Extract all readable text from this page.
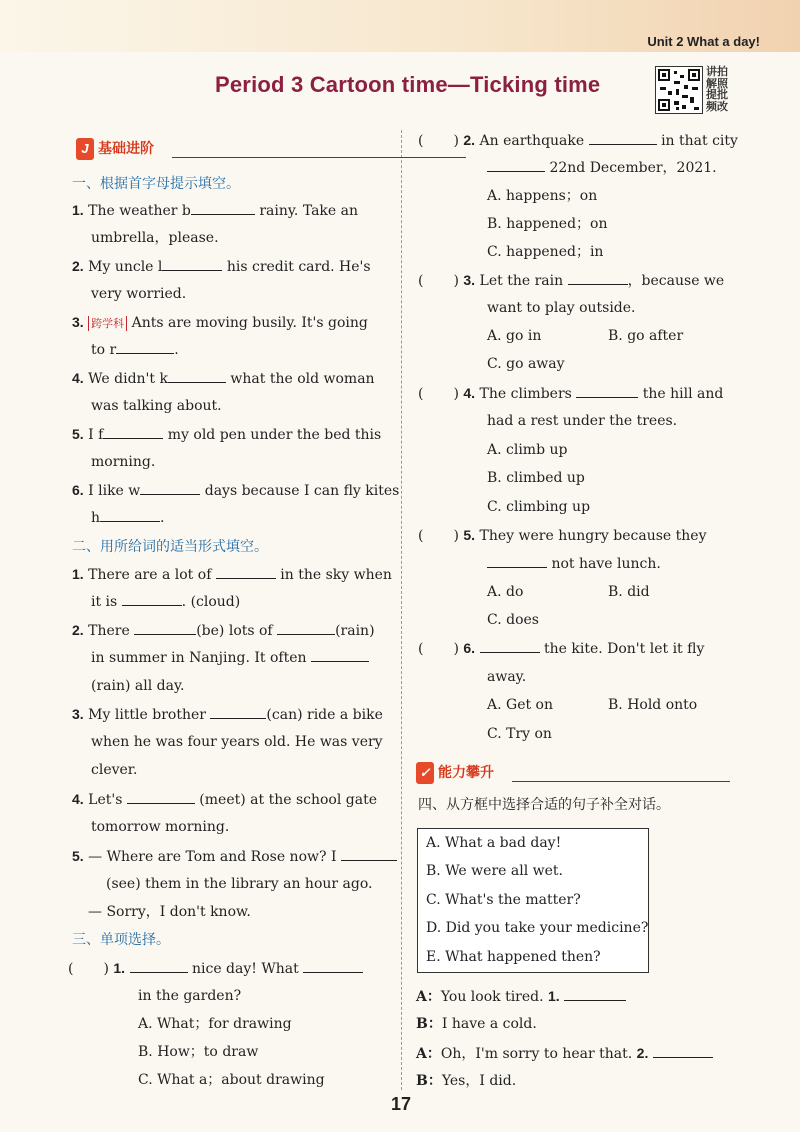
Unit 2 What a day!
Period 3 Cartoon time—Ticking time
讲拍
解照
提批
频改
J 基础进阶
一、根据首字母提示填空。
1. The weather b	rainy. Take an
umbrella，please.
2. My uncle l	his credit card. He's
very worried.
3. 跨学科 Ants are moving busily. It's going
to r	.
4. We didn't k	what the old woman
was talking about.
5. I f	my old pen under the bed this
morning.
6. I like w	days because I can fly kites
h	.
二、用所给词的适当形式填空。
1. There are a lot of	in the sky when
it is	. (cloud)
2. There	(be) lots of	(rain)
in summer in Nanjing. It often
(rain) all day.
3. My little brother	(can) ride a bike
when he was four years old. He was very
clever.
4. Let's	(meet) at the school gate
tomorrow morning.
5. — Where are Tom and Rose now? I
(see) them in the library an hour ago.
— Sorry，I don't know.
三、单项选择。
( ) 1.	nice day! What
in the garden?
A. What；for drawing
B. How；to draw
C. What a；about drawing
( ) 2. An earthquake	in that city
22nd December，2021.
A. happens；on
B. happened；on
C. happened；in
( ) 3. Let the rain	，because we
want to play outside.
A. go in	B. go after
C. go away
( ) 4. The climbers	the hill and
had a rest under the trees.
A. climb up
B. climbed up
C. climbing up
( ) 5. They were hungry because they
not have lunch.
A. do	B. did
C. does
( ) 6.	the kite. Don't let it fly
away.
A. Get on	B. Hold onto
C. Try on
✓ 能力攀升
四、从方框中选择合适的句子补全对话。
A. What a bad day!
B. We were all wet.
C. What's the matter?
D. Did you take your medicine?
E. What happened then?
A：You look tired. 1.
B：I have a cold.
A：Oh，I'm sorry to hear that. 2.
B：Yes，I did.
17
